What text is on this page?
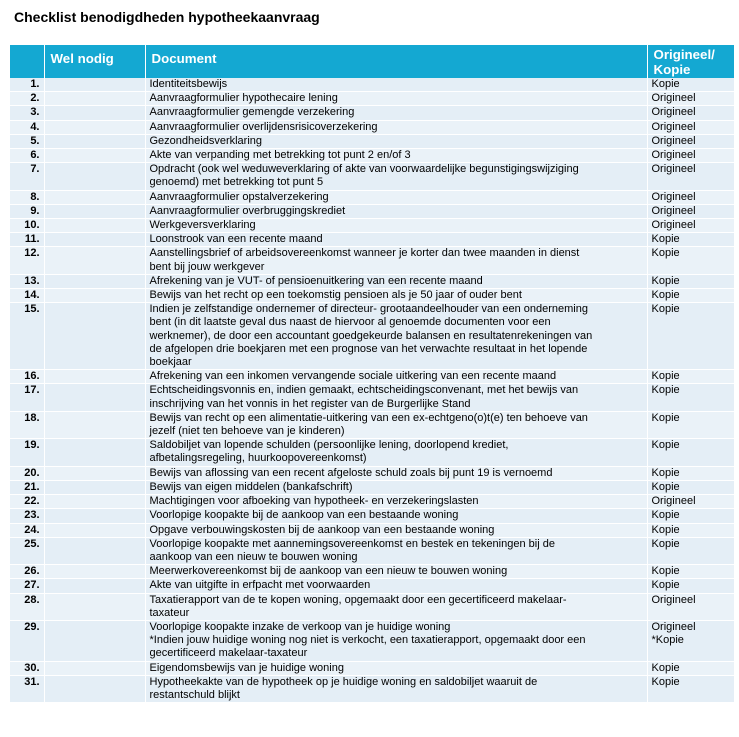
Checklist benodigdheden hypotheekaanvraag
	Wel nodig	Document	Origineel/
Kopie
1.		Identiteitsbewijs	Kopie
2.		Aanvraagformulier hypothecaire lening	Origineel
3.		Aanvraagformulier gemengde verzekering	Origineel
4.		Aanvraagformulier overlijdensrisicoverzekering	Origineel
5.		Gezondheidsverklaring	Origineel
6.		Akte van verpanding met betrekking tot punt 2 en/of 3	Origineel
7.		Opdracht (ook wel weduweverklaring of akte van voorwaardelijke begunstigingswijziging
genoemd) met betrekking tot punt 5	Origineel
8.		Aanvraagformulier opstalverzekering	Origineel
9.		Aanvraagformulier overbruggingskrediet	Origineel
10.		Werkgeversverklaring	Origineel
11.		Loonstrook van een recente maand	Kopie
12.		Aanstellingsbrief of arbeidsovereenkomst wanneer je korter dan twee maanden in dienst
bent bij jouw werkgever	Kopie
13.		Afrekening van je VUT- of pensioenuitkering van een recente maand	Kopie
14.		Bewijs van het recht op een toekomstig pensioen als je 50 jaar of ouder bent	Kopie
15.		Indien je zelfstandige ondernemer of directeur- grootaandeelhouder van een onderneming
bent (in dit laatste geval dus naast de hiervoor al genoemde documenten voor een
werknemer), de door een accountant goedgekeurde balansen en resultatenrekeningen van
de afgelopen drie boekjaren met een prognose van het verwachte resultaat in het lopende
boekjaar	Kopie
16.		Afrekening van een inkomen vervangende sociale uitkering van een recente maand	Kopie
17.		Echtscheidingsvonnis en, indien gemaakt, echtscheidingsconvenant, met het bewijs van
inschrijving van het vonnis in het register van de Burgerlijke Stand	Kopie
18.		Bewijs van recht op een alimentatie-uitkering van een ex-echtgeno(o)t(e) ten behoeve van
jezelf (niet ten behoeve van je kinderen)	Kopie
19.		Saldobiljet van lopende schulden (persoonlijke lening, doorlopend krediet,
afbetalingsregeling, huurkoopovereenkomst)	Kopie
20.		Bewijs van aflossing van een recent afgeloste schuld zoals bij punt 19 is vernoemd	Kopie
21.		Bewijs van eigen middelen (bankafschrift)	Kopie
22.		Machtigingen voor afboeking van hypotheek- en verzekeringslasten	Origineel
23.		Voorlopige koopakte bij de aankoop van een bestaande woning	Kopie
24.		Opgave verbouwingskosten bij de aankoop van een bestaande woning	Kopie
25.		Voorlopige koopakte met aannemingsovereenkomst en bestek en tekeningen bij de
aankoop van een nieuw te bouwen woning	Kopie
26.		Meerwerkovereenkomst bij de aankoop van een nieuw te bouwen woning	Kopie
27.		Akte van uitgifte in erfpacht met voorwaarden	Kopie
28.		Taxatierapport van de te kopen woning, opgemaakt door een gecertificeerd makelaar-
taxateur	Origineel
29.		Voorlopige koopakte inzake de verkoop van je huidige woning
*Indien jouw huidige woning nog niet is verkocht, een taxatierapport, opgemaakt door een
gecertificeerd makelaar-taxateur	Origineel
*Kopie
30.		Eigendomsbewijs van je huidige woning	Kopie
31.		Hypotheekakte van de hypotheek op je huidige woning en saldobiljet waaruit de
restantschuld blijkt	Kopie
